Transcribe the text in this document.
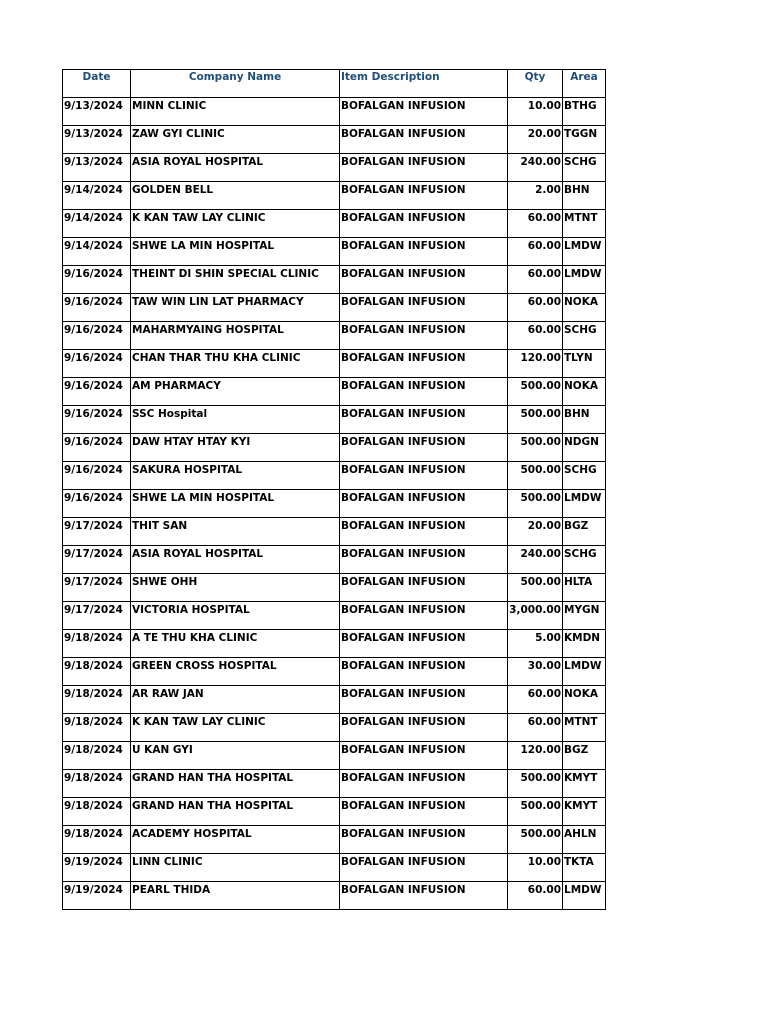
Date	Company Name	Item Description	Qty	Area
9/13/2024	MINN CLINIC	BOFALGAN INFUSION	10.00	BTHG
9/13/2024	ZAW GYI CLINIC	BOFALGAN INFUSION	20.00	TGGN
9/13/2024	ASIA ROYAL HOSPITAL	BOFALGAN INFUSION	240.00	SCHG
9/14/2024	GOLDEN BELL	BOFALGAN INFUSION	2.00	BHN
9/14/2024	K KAN TAW LAY CLINIC	BOFALGAN INFUSION	60.00	MTNT
9/14/2024	SHWE LA MIN HOSPITAL	BOFALGAN INFUSION	60.00	LMDW
9/16/2024	THEINT DI SHIN SPECIAL CLINIC	BOFALGAN INFUSION	60.00	LMDW
9/16/2024	TAW WIN LIN LAT PHARMACY	BOFALGAN INFUSION	60.00	NOKA
9/16/2024	MAHARMYAING HOSPITAL	BOFALGAN INFUSION	60.00	SCHG
9/16/2024	CHAN THAR THU KHA CLINIC	BOFALGAN INFUSION	120.00	TLYN
9/16/2024	AM PHARMACY	BOFALGAN INFUSION	500.00	NOKA
9/16/2024	SSC Hospital	BOFALGAN INFUSION	500.00	BHN
9/16/2024	DAW HTAY HTAY KYI	BOFALGAN INFUSION	500.00	NDGN
9/16/2024	SAKURA HOSPITAL	BOFALGAN INFUSION	500.00	SCHG
9/16/2024	SHWE LA MIN HOSPITAL	BOFALGAN INFUSION	500.00	LMDW
9/17/2024	THIT SAN	BOFALGAN INFUSION	20.00	BGZ
9/17/2024	ASIA ROYAL HOSPITAL	BOFALGAN INFUSION	240.00	SCHG
9/17/2024	SHWE OHH	BOFALGAN INFUSION	500.00	HLTA
9/17/2024	VICTORIA HOSPITAL	BOFALGAN INFUSION	3,000.00	MYGN
9/18/2024	A TE THU KHA CLINIC	BOFALGAN INFUSION	5.00	KMDN
9/18/2024	GREEN CROSS HOSPITAL	BOFALGAN INFUSION	30.00	LMDW
9/18/2024	AR RAW JAN	BOFALGAN INFUSION	60.00	NOKA
9/18/2024	K KAN TAW LAY CLINIC	BOFALGAN INFUSION	60.00	MTNT
9/18/2024	U KAN GYI	BOFALGAN INFUSION	120.00	BGZ
9/18/2024	GRAND HAN THA HOSPITAL	BOFALGAN INFUSION	500.00	KMYT
9/18/2024	GRAND HAN THA HOSPITAL	BOFALGAN INFUSION	500.00	KMYT
9/18/2024	ACADEMY HOSPITAL	BOFALGAN INFUSION	500.00	AHLN
9/19/2024	LINN CLINIC	BOFALGAN INFUSION	10.00	TKTA
9/19/2024	PEARL THIDA	BOFALGAN INFUSION	60.00	LMDW
